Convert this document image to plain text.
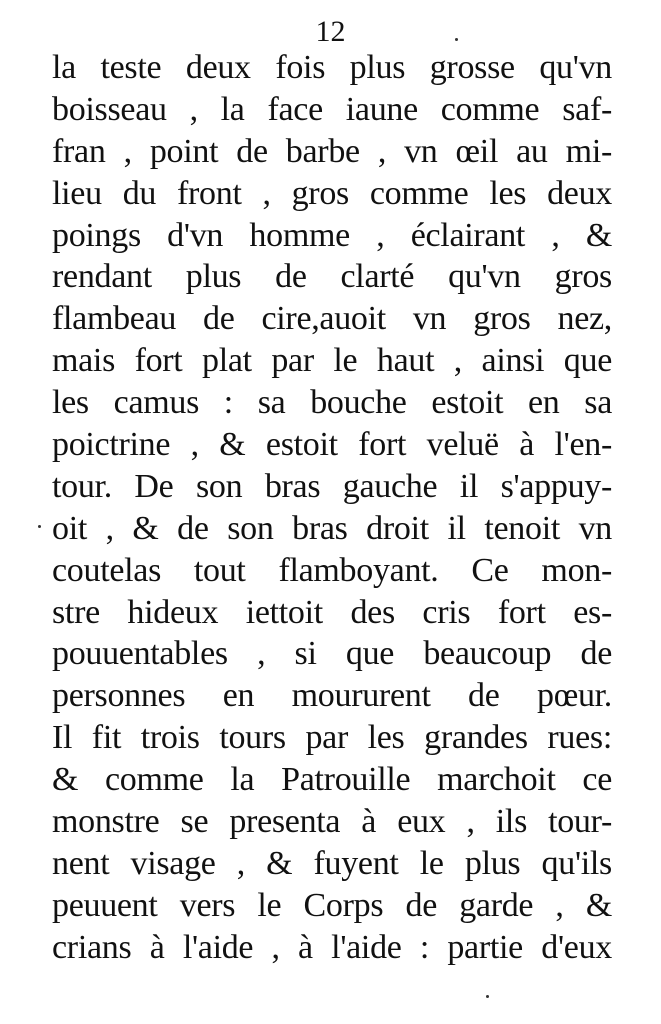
12
la teste deux fois plus grosse qu'vn
boisseau , la face iaune comme saf-
fran , point de barbe , vn œil au mi-
lieu du front , gros comme les deux
poings d'vn homme , éclairant , &
rendant plus de clarté qu'vn gros
flambeau de cire,auoit vn gros nez,
mais fort plat par le haut , ainsi que
les camus : sa bouche estoit en sa
poictrine , & estoit fort veluë à l'en-
tour. De son bras gauche il s'appuy-
oit , & de son bras droit il tenoit vn
coutelas tout flamboyant. Ce mon-
stre hideux iettoit des cris fort es-
pouuentables , si que beaucoup de
personnes en moururent de pœur.
Il fit trois tours par les grandes rues:
& comme la Patrouille marchoit ce
monstre se presenta à eux , ils tour-
nent visage , & fuyent le plus qu'ils
peuuent vers le Corps de garde , &
crians à l'aide , à l'aide : partie d'eux
